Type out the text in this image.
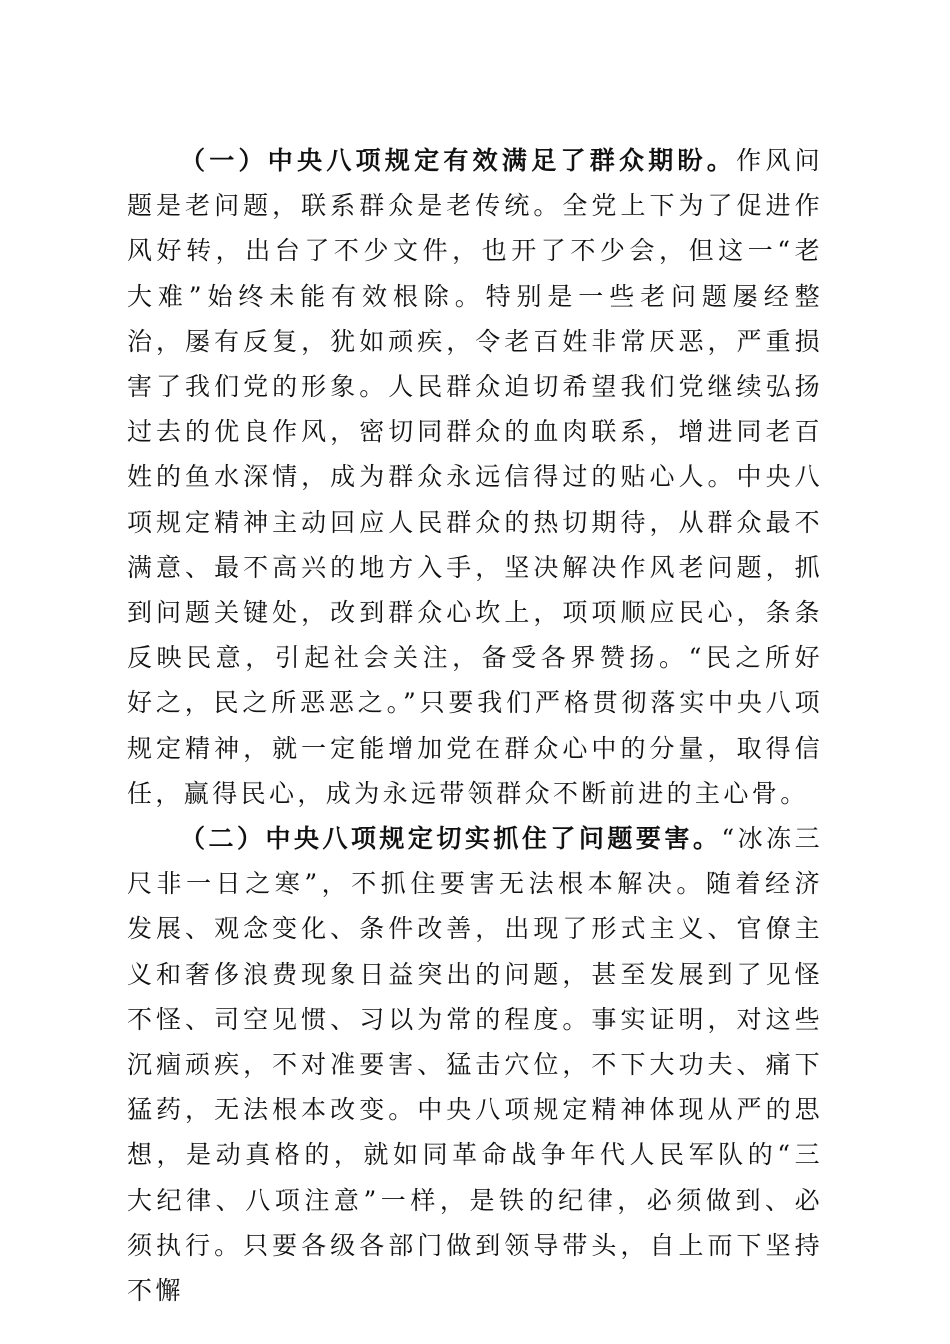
（一）中央八项规定有效满足了群众期盼。作风问题是老问题，联系群众是老传统。全党上下为了促进作风好转，出台了不少文件，也开了不少会，但这一“老大难”始终未能有效根除。特别是一些老问题屡经整治，屡有反复，犹如顽疾，令老百姓非常厌恶，严重损害了我们党的形象。人民群众迫切希望我们党继续弘扬过去的优良作风，密切同群众的血肉联系，增进同老百姓的鱼水深情，成为群众永远信得过的贴心人。中央八项规定精神主动回应人民群众的热切期待，从群众最不满意、最不高兴的地方入手，坚决解决作风老问题，抓到问题关键处，改到群众心坎上，项项顺应民心，条条反映民意，引起社会关注，备受各界赞扬。“民之所好好之，民之所恶恶之。”只要我们严格贯彻落实中央八项规定精神，就一定能增加党在群众心中的分量，取得信任，赢得民心，成为永远带领群众不断前进的主心骨。

（二）中央八项规定切实抓住了问题要害。“冰冻三尺非一日之寒”，不抓住要害无法根本解决。随着经济发展、观念变化、条件改善，出现了形式主义、官僚主义和奢侈浪费现象日益突出的问题，甚至发展到了见怪不怪、司空见惯、习以为常的程度。事实证明，对这些沉痼顽疾，不对准要害、猛击穴位，不下大功夫、痛下猛药，无法根本改变。中央八项规定精神体现从严的思想，是动真格的，就如同革命战争年代人民军队的“三大纪律、八项注意”一样，是铁的纪律，必须做到、必须执行。只要各级各部门做到领导带头，自上而下坚持不懈
